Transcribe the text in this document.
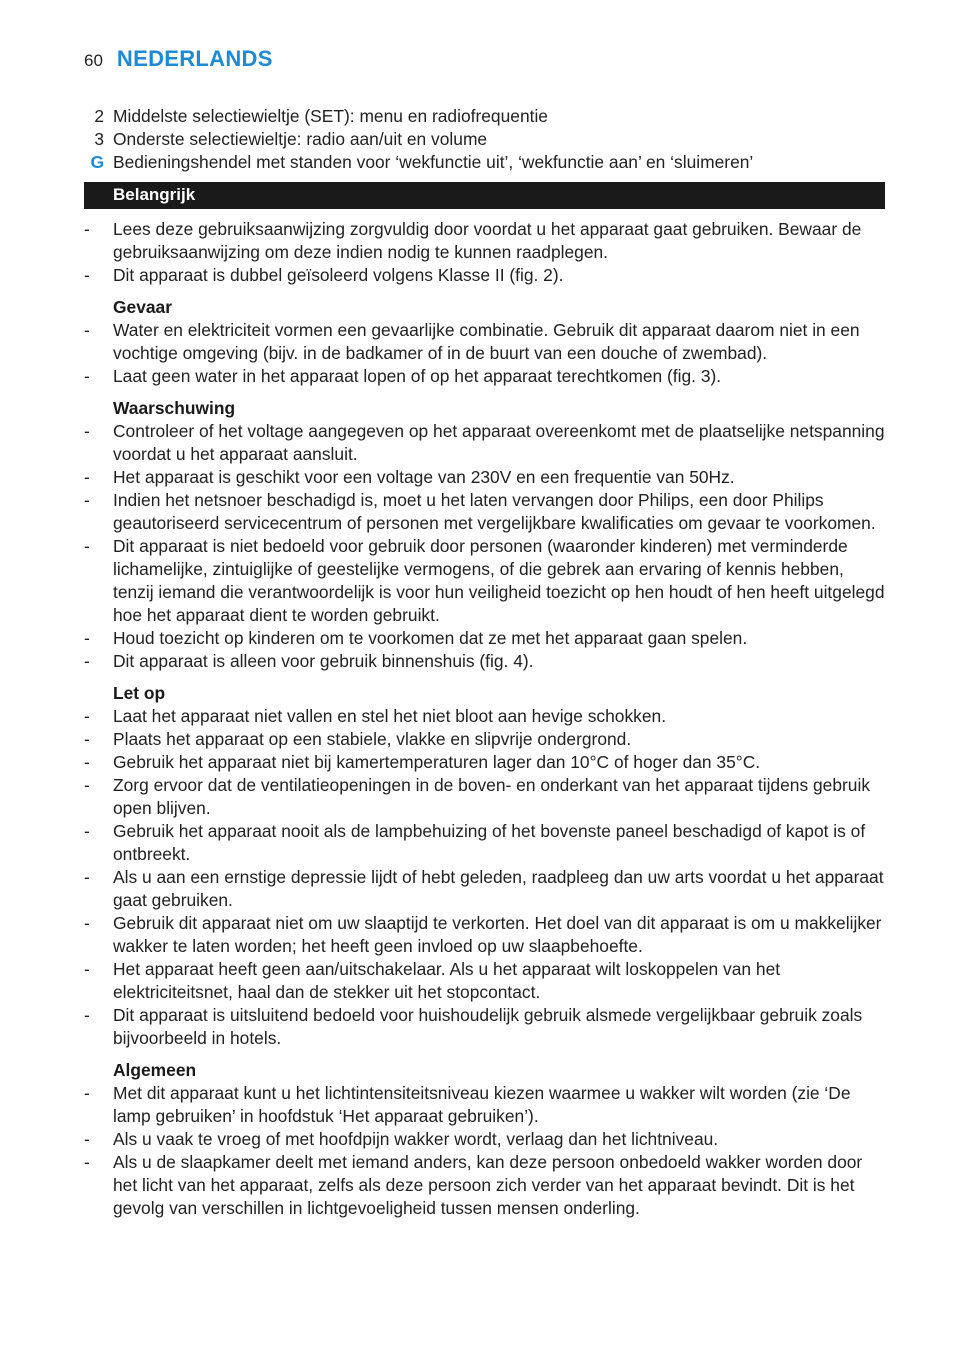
60 NEDERLANDS
2 Middelste selectiewieltje (SET): menu en radiofrequentie
3 Onderste selectiewieltje: radio aan/uit en volume
G Bedieningshendel met standen voor ‘wekfunctie uit’, ‘wekfunctie aan’ en ‘sluimeren’
Belangrijk
- Lees deze gebruiksaanwijzing zorgvuldig door voordat u het apparaat gaat gebruiken. Bewaar de gebruiksaanwijzing om deze indien nodig te kunnen raadplegen.
- Dit apparaat is dubbel geïsoleerd volgens Klasse II (fig. 2).
Gevaar
- Water en elektriciteit vormen een gevaarlijke combinatie. Gebruik dit apparaat daarom niet in een vochtige omgeving (bijv. in de badkamer of in de buurt van een douche of zwembad).
- Laat geen water in het apparaat lopen of op het apparaat terechtkomen (fig. 3).
Waarschuwing
- Controleer of het voltage aangegeven op het apparaat overeenkomt met de plaatselijke netspanning voordat u het apparaat aansluit.
- Het apparaat is geschikt voor een voltage van 230V en een frequentie van 50Hz.
- Indien het netsnoer beschadigd is, moet u het laten vervangen door Philips, een door Philips geautoriseerd servicecentrum of personen met vergelijkbare kwalificaties om gevaar te voorkomen.
- Dit apparaat is niet bedoeld voor gebruik door personen (waaronder kinderen) met verminderde lichamelijke, zintuiglijke of geestelijke vermogens, of die gebrek aan ervaring of kennis hebben, tenzij iemand die verantwoordelijk is voor hun veiligheid toezicht op hen houdt of hen heeft uitgelegd hoe het apparaat dient te worden gebruikt.
- Houd toezicht op kinderen om te voorkomen dat ze met het apparaat gaan spelen.
- Dit apparaat is alleen voor gebruik binnenshuis (fig. 4).
Let op
- Laat het apparaat niet vallen en stel het niet bloot aan hevige schokken.
- Plaats het apparaat op een stabiele, vlakke en slipvrije ondergrond.
- Gebruik het apparaat niet bij kamertemperaturen lager dan 10°C of hoger dan 35°C.
- Zorg ervoor dat de ventilatieopeningen in de boven- en onderkant van het apparaat tijdens gebruik open blijven.
- Gebruik het apparaat nooit als de lampbehuizing of het bovenste paneel beschadigd of kapot is of ontbreekt.
- Als u aan een ernstige depressie lijdt of hebt geleden, raadpleeg dan uw arts voordat u het apparaat gaat gebruiken.
- Gebruik dit apparaat niet om uw slaaptijd te verkorten. Het doel van dit apparaat is om u makkelijker wakker te laten worden; het heeft geen invloed op uw slaapbehoefte.
- Het apparaat heeft geen aan/uitschakelaar. Als u het apparaat wilt loskoppelen van het elektriciteitsnet, haal dan de stekker uit het stopcontact.
- Dit apparaat is uitsluitend bedoeld voor huishoudelijk gebruik alsmede vergelijkbaar gebruik zoals bijvoorbeeld in hotels.
Algemeen
- Met dit apparaat kunt u het lichtintensiteitsniveau kiezen waarmee u wakker wilt worden (zie ‘De lamp gebruiken’ in hoofdstuk ‘Het apparaat gebruiken’).
- Als u vaak te vroeg of met hoofdpijn wakker wordt, verlaag dan het lichtniveau.
- Als u de slaapkamer deelt met iemand anders, kan deze persoon onbedoeld wakker worden door het licht van het apparaat, zelfs als deze persoon zich verder van het apparaat bevindt. Dit is het gevolg van verschillen in lichtgevoeligheid tussen mensen onderling.
